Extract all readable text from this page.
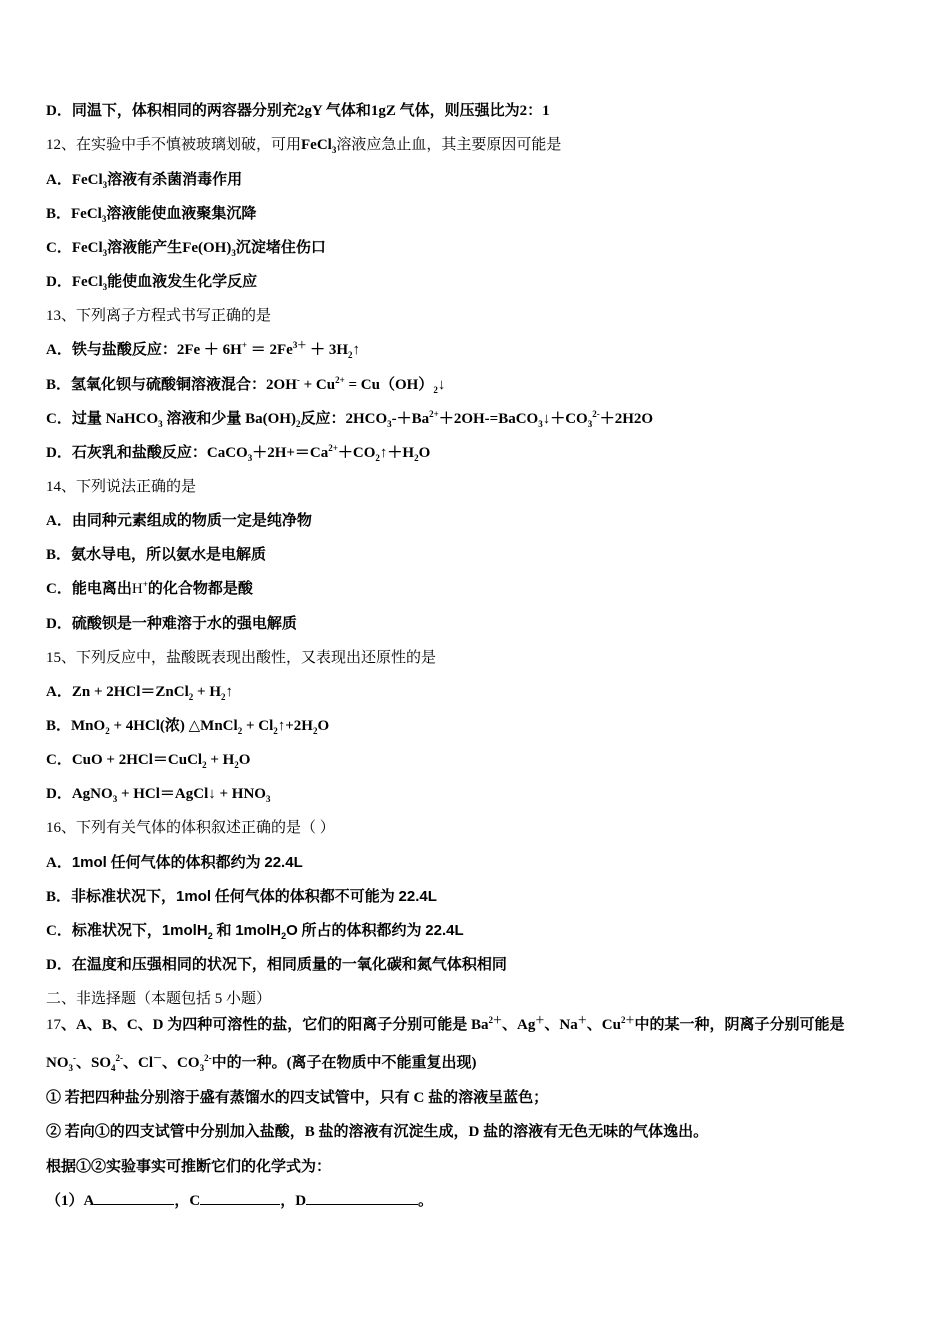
D．同温下，体积相同的两容器分别充2gY 气体和1gZ 气体，则压强比为2：1
12、在实验中手不慎被玻璃划破，可用FeCl$_3$溶液应急止血，其主要原因可能是
A．FeCl$_3$溶液有杀菌消毒作用
B．FeCl$_3$溶液能使血液聚集沉降
C．FeCl$_3$溶液能产生$Fe(OH)_3$沉淀堵住伤口
D．FeCl$_3$能使血液发生化学反应
13、下列离子方程式书写正确的是
A．铁与盐酸反应：$2Fe + 6H^+ = 2Fe^{3+}$ ＋ $3H_2↑$
B．氢氧化钡与硫酸铜溶液混合：$2OH^- + Cu^{2+}$ = $Cu(OH)_2↓$
C．过量 NaHCO$_3$ 溶液和少量 $Ba(OH)_2$反应：$2HCO_3-+Ba^{2+}+2OH-=BaCO_3↓+CO_3^{2-}+2H2O$
D．石灰乳和盐酸反应：$CaCO_3+2H+=Ca^{2+}+CO_2↑+H_2O$
14、下列说法正确的是
A．由同种元素组成的物质一定是纯净物
B．氨水导电，所以氨水是电解质
C．能电离出H+的化合物都是酸
D．硫酸钡是一种难溶于水的强电解质
15、下列反应中，盐酸既表现出酸性，又表现出还原性的是
A．Zn + 2HCl＝ZnCl$_2$ + $H_2↑$
B．MnO$_2$ + 4HCl(浓) △MnCl$_2$ + $Cl_2↑+2H_2O$
C．CuO + 2HCl＝CuCl$_2$ + $H_2O$
D．AgNO$_3$ + HCl＝AgCl↓ + $HNO_3$
16、下列有关气体的体积叙述正确的是（ ）
A．1mol 任何气体的体积都约为 22.4L
B．非标准状况下，1mol 任何气体的体积都不可能为 22.4L
C．标准状况下，1molH$_2$ 和 1molH$_2$O 所占的体积都约为 22.4L
D．在温度和压强相同的状况下，相同质量的一氧化碳和氮气体积相同
二、非选择题（本题包括 5 小题）
17、A、B、C、D 为四种可溶性的盐，它们的阳离子分别可能是 $Ba^{2+}$、Ag＋、Na＋、$Cu^{2+}$中的某一种，阴离子分别可能是
$NO_3^-$、$SO_4^{2-}$、Cl－、$CO_3^{2-}$中的一种。(离子在物质中不能重复出现)
① 若把四种盐分别溶于盛有蒸馏水的四支试管中，只有 C 盐的溶液呈蓝色；
② 若向①的四支试管中分别加入盐酸，B 盐的溶液有沉淀生成，D 盐的溶液有无色无味的气体逸出。
根据①②实验事实可推断它们的化学式为：
（1）A	，C	，D	。
